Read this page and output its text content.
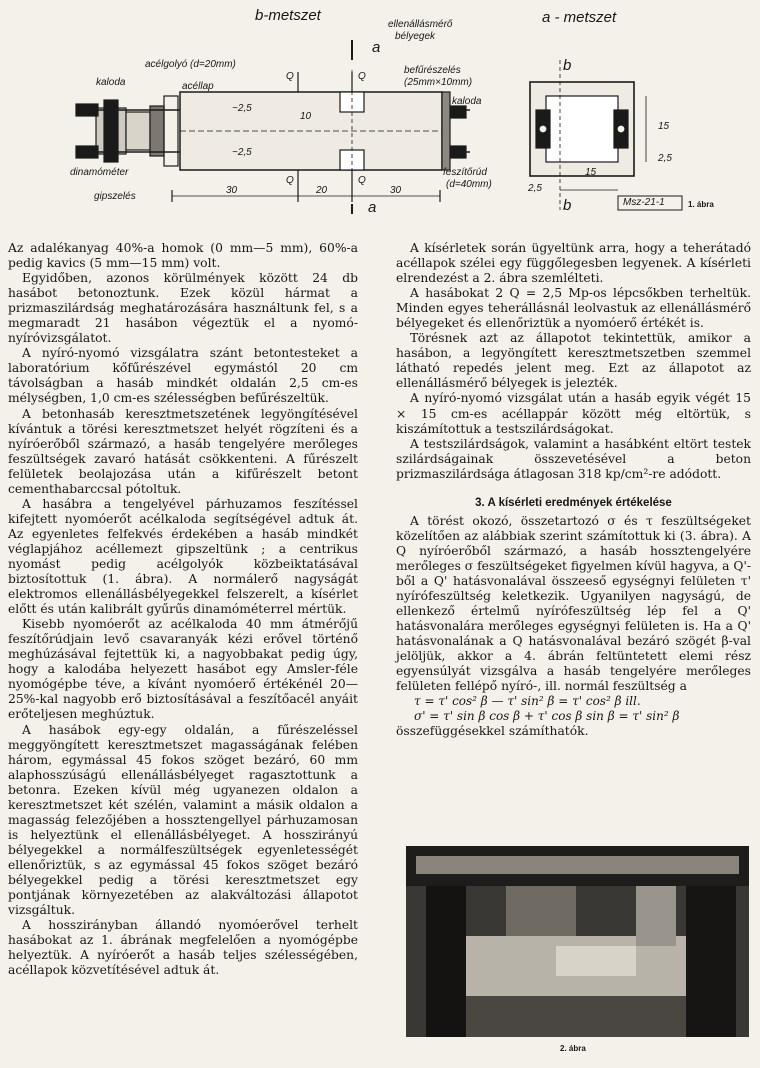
b-metszet	a - metszet
acélgolyó (d=20mm)
acéllap
ellenállásmérő
bélyegek
befűrészelés
(25mm×10mm)
kaloda
kaloda
dinamóméter
gipszelés
feszítőrúd
(d=40mm)
Q	Q
Q	Q
~2,5
~2,5
10
30	20	30
15
15
2,5
2,5
a
a
b
b	Msz-21-1	1. ábra

Az adalékanyag 40%-a homok (0 mm—5 mm), 60%-a pedig kavics (5 mm—15 mm) volt.

Egyidőben, azonos körülmények között 24 db hasábot betonoztunk. Ezek közül hármat a prizmaszilárdság meghatározására használtunk fel, s a megmaradt 21 hasábon végeztük el a nyomó-nyíróvizsgálatot.

A nyíró-nyomó vizsgálatra szánt betontesteket a laboratórium kőfűrészével egymástól 20 cm távolságban a hasáb mindkét oldalán 2,5 cm-es mélységben, 1,0 cm-es szélességben befűrészeltük.

A betonhasáb keresztmetszetének legyöngítésével kívántuk a törési keresztmetszet helyét rögzíteni és a nyíróerőből származó, a hasáb tengelyére merőleges feszültségek zavaró hatását csökkenteni. A fűrészelt felületek beolajozása után a kifűrészelt betont cementhabarccsal pótoltuk.

A hasábra a tengelyével párhuzamos feszítéssel kifejtett nyomóerőt acélkaloda segítségével adtuk át. Az egyenletes felfekvés érdekében a hasáb mindkét véglapjához acéllemezt gipszeltünk ; a centrikus nyomást pedig acélgolyók közbeiktatásával biztosítottuk (1. ábra). A normálerő nagyságát elektromos ellenállásbélyegekkel felszerelt, a kísérlet előtt és után kalibrált gyűrűs dinamóméterrel mértük.

Kisebb nyomóerőt az acélkaloda 40 mm átmérőjű feszítőrúdjain levő csavaranyák kézi erővel történő meghúzásával fejtettük ki, a nagyobbakat pedig úgy, hogy a kalodába helyezett hasábot egy Amsler-féle nyomógépbe téve, a kívánt nyomóerő értékénél 20—25%-kal nagyobb erő biztosításával a feszítőacél anyáit erőteljesen meghúztuk.

A hasábok egy-egy oldalán, a fűrészeléssel meggyöngített keresztmetszet magasságának felében három, egymással 45 fokos szöget bezáró, 60 mm alaphosszúságú ellenállásbélyeget ragasztottunk a betonra. Ezeken kívül még ugyanezen oldalon a keresztmetszet két szélén, valamint a másik oldalon a magasság felezőjében a hossztengellyel párhuzamosan is helyeztünk el ellenállásbélyeget. A hosszirányú bélyegekkel a normálfeszültségek egyenletességét ellenőriztük, s az egymással 45 fokos szöget bezáró bélyegekkel pedig a törési keresztmetszet egy pontjának környezetében az alakváltozási állapotot vizsgáltuk.

A hosszirányban állandó nyomóerővel terhelt hasábokat az 1. ábrának megfelelően a nyomógépbe helyeztük. A nyíróerőt a hasáb teljes szélességében, acéllapok közvetítésével adtuk át.

A kísérletek során ügyeltünk arra, hogy a teherátadó acéllapok szélei egy függőlegesben legyenek. A kísérleti elrendezést a 2. ábra szemlélteti.

A hasábokat 2 Q = 2,5 Mp-os lépcsőkben terheltük. Minden egyes teherállásnál leolvastuk az ellenállásmérő bélyegeket és ellenőriztük a nyomóerő értékét is.

Törésnek azt az állapotot tekintettük, amikor a hasábon, a legyöngített keresztmetszetben szemmel látható repedés jelent meg. Ezt az állapotot az ellenállásmérő bélyegek is jelezték.

A nyíró-nyomó vizsgálat után a hasáb egyik végét 15 × 15 cm-es acéllappár között még eltörtük, s kiszámítottuk a testszilárdságokat.

A testszilárdságok, valamint a hasábként eltört testek szilárdságainak összevetésével a beton prizmaszilárdsága átlagosan 318 kp/cm²-re adódott.

3. A kísérleti eredmények értékelése

A törést okozó, összetartozó σ és τ feszültségeket közelítően az alábbiak szerint számítottuk ki (3. ábra). A Q nyíróerőből származó, a hasáb hossztengelyére merőleges σ feszültségeket figyelmen kívül hagyva, a Q'-ből a Q' hatásvonalával összeeső egységnyi felületen τ' nyírófeszültség keletkezik. Ugyanilyen nagyságú, de ellenkező értelmű nyírófeszültség lép fel a Q' hatásvonalára merőleges egységnyi felületen is. Ha a Q' hatásvonalának a Q hatásvonalával bezáró szögét β-val jelöljük, akkor a 4. ábrán feltüntetett elemi rész egyensúlyát vizsgálva a hasáb tengelyére merőleges felületen fellépő nyíró-, ill. normál feszültség a

τ = τ' cos² β — τ' sin² β = τ' cos² β ill.
σ' = τ' sin β cos β + τ' cos β sin β = τ' sin² β

összefüggésekkel számíthatók.

2. ábra
